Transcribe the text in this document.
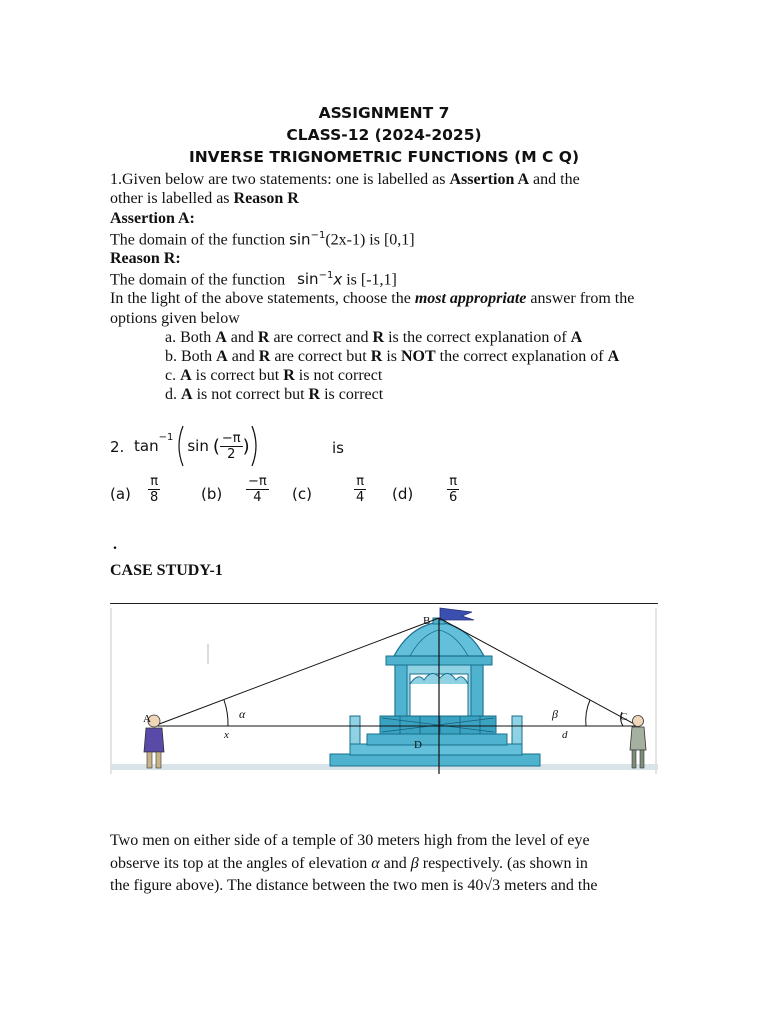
ASSIGNMENT 7
CLASS-12 (2024-2025)
INVERSE TRIGNOMETRIC FUNCTIONS (M C Q)
1.Given below are two statements: one is labelled as Assertion A and the
other is labelled as Reason R
Assertion A:
The domain of the function $\sin^{-1}(2x-1)$ is [0,1]
Reason R:
The domain of the function $\sin^{-1}x$ is [-1,1]
In the light of the above statements, choose the most appropriate answer from the
options given below
a. Both A and R are correct and R is the correct explanation of A
b. Both A and R are correct but R is NOT the correct explanation of A
c. A is correct but R is not correct
d. A is not correct but R is correct
2. $\tan^{-1} \sin$ ( $\frac{-\pi}{2}$ )	is
$(a) \frac{\pi}{8}$	$(b) \frac{-\pi}{4} (c)$	$\frac{\pi}{4} (d)$	$\frac{\pi}{6}$
.
CASE STUDY-1
B
A	C
D
α	β
x	d
Two men on either side of a temple of 30 meters high from the level of eye
observe its top at the angles of elevation α and β respectively. (as shown in
the figure above). The distance between the two men is 40√3 meters and the
